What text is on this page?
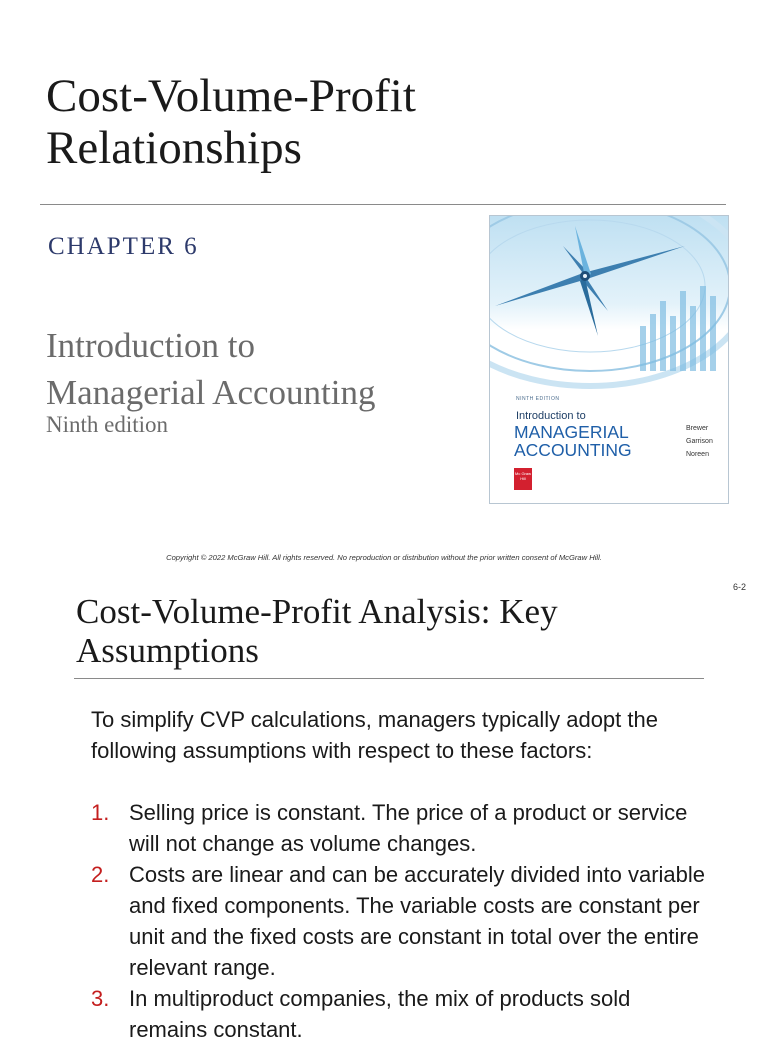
Cost-Volume-Profit
Relationships
CHAPTER 6
Introduction to
Managerial Accounting
Ninth edition
NINTH EDITION
Introduction to
MANAGERIAL
ACCOUNTING
Brewer
Garrison
Noreen
Mc Graw Hill
Copyright © 2022 McGraw Hill. All rights reserved. No reproduction or distribution without the prior written consent of McGraw Hill.
6-2
Cost-Volume-Profit Analysis: Key
Assumptions
To simplify CVP calculations, managers typically adopt the following assumptions with respect to these factors:
1. Selling price is constant. The price of a product or service will not change as volume changes.
2. Costs are linear and can be accurately divided into variable and fixed components. The variable costs are constant per unit and the fixed costs are constant in total over the entire relevant range.
3. In multiproduct companies, the mix of products sold remains constant.
